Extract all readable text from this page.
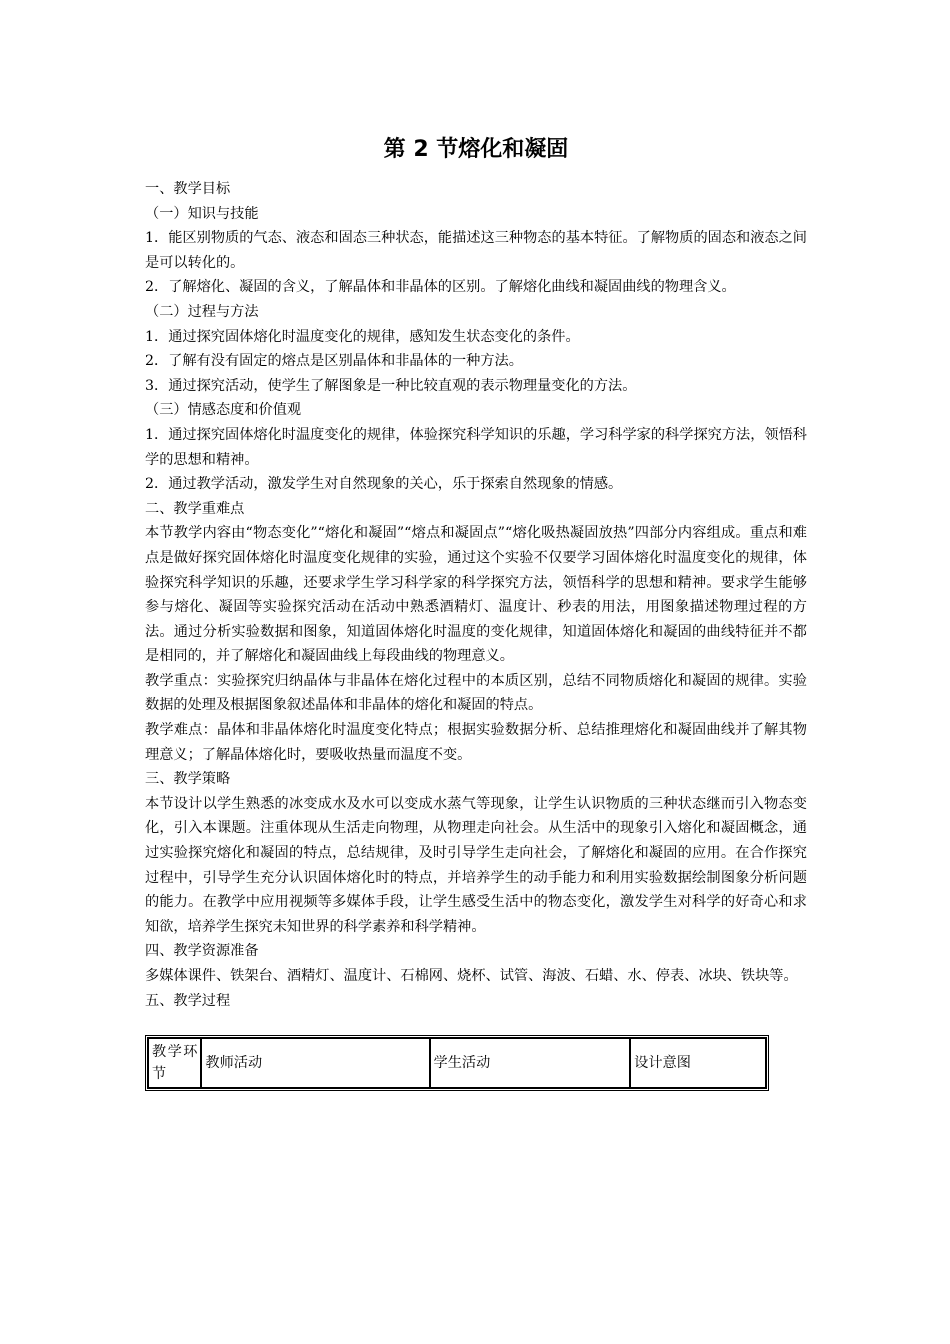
第 2 节熔化和凝固

一、教学目标

（一）知识与技能

1．能区别物质的气态、液态和固态三种状态，能描述这三种物态的基本特征。了解物质的固态和液态之间是可以转化的。

2．了解熔化、凝固的含义，了解晶体和非晶体的区别。了解熔化曲线和凝固曲线的物理含义。

（二）过程与方法

1．通过探究固体熔化时温度变化的规律，感知发生状态变化的条件。

2．了解有没有固定的熔点是区别晶体和非晶体的一种方法。

3．通过探究活动，使学生了解图象是一种比较直观的表示物理量变化的方法。

（三）情感态度和价值观

1．通过探究固体熔化时温度变化的规律，体验探究科学知识的乐趣，学习科学家的科学探究方法，领悟科学的思想和精神。

2．通过教学活动，激发学生对自然现象的关心，乐于探索自然现象的情感。

二、教学重难点

本节教学内容由“物态变化”“熔化和凝固”“熔点和凝固点”“熔化吸热凝固放热”四部分内容组成。重点和难点是做好探究固体熔化时温度变化规律的实验，通过这个实验不仅要学习固体熔化时温度变化的规律，体验探究科学知识的乐趣，还要求学生学习科学家的科学探究方法，领悟科学的思想和精神。要求学生能够参与熔化、凝固等实验探究活动在活动中熟悉酒精灯、温度计、秒表的用法，用图象描述物理过程的方法。通过分析实验数据和图象，知道固体熔化时温度的变化规律，知道固体熔化和凝固的曲线特征并不都是相同的，并了解熔化和凝固曲线上每段曲线的物理意义。

教学重点：实验探究归纳晶体与非晶体在熔化过程中的本质区别，总结不同物质熔化和凝固的规律。实验数据的处理及根据图象叙述晶体和非晶体的熔化和凝固的特点。

教学难点：晶体和非晶体熔化时温度变化特点；根据实验数据分析、总结推理熔化和凝固曲线并了解其物理意义；了解晶体熔化时，要吸收热量而温度不变。

三、教学策略

本节设计以学生熟悉的冰变成水及水可以变成水蒸气等现象，让学生认识物质的三种状态继而引入物态变化，引入本课题。注重体现从生活走向物理，从物理走向社会。从生活中的现象引入熔化和凝固概念，通过实验探究熔化和凝固的特点，总结规律，及时引导学生走向社会，了解熔化和凝固的应用。在合作探究过程中，引导学生充分认识固体熔化时的特点，并培养学生的动手能力和利用实验数据绘制图象分析问题的能力。在教学中应用视频等多媒体手段，让学生感受生活中的物态变化，激发学生对科学的好奇心和求知欲，培养学生探究未知世界的科学素养和科学精神。

四、教学资源准备

多媒体课件、铁架台、酒精灯、温度计、石棉网、烧杯、试管、海波、石蜡、水、停表、冰块、铁块等。

五、教学过程

教学环节	教师活动	学生活动	设计意图
